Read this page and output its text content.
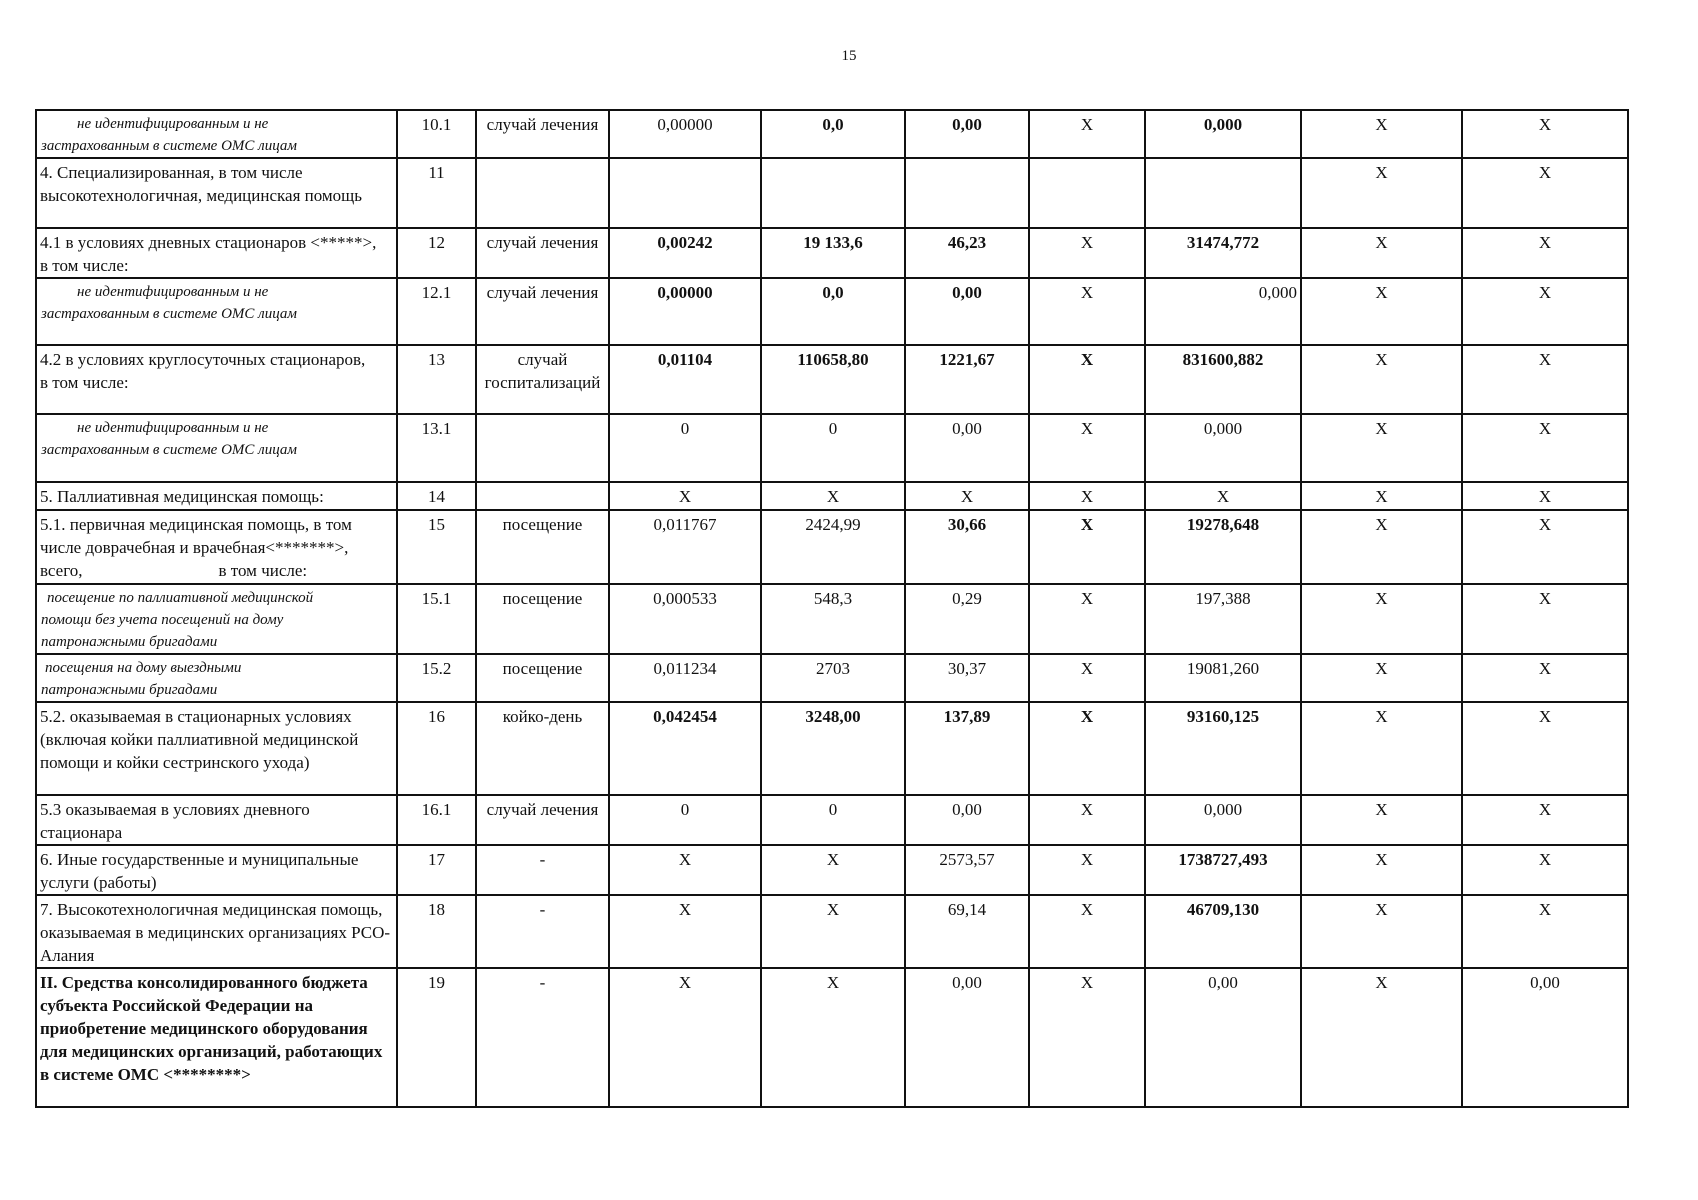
15
не идентифицированным и не
застрахованным в системе ОМС лицам	10.1	случай лечения	0,00000	0,0	0,00	Х	0,000	Х	Х

4. Специализированная, в том числе
высокотехнологичная, медицинская помощь	11							Х	Х

4.1 в условиях дневных стационаров <*****>,
в том числе:	12	случай лечения	0,00242	19 133,6	46,23	Х	31474,772	Х	Х

не идентифицированным и не
застрахованным в системе ОМС лицам	12.1	случай лечения	0,00000	0,0	0,00	Х	0,000	Х	Х

4.2 в условиях круглосуточных стационаров,
в том числе:	13	случай госпитализаций	0,01104	110658,80	1221,67	Х	831600,882	Х	Х

не идентифицированным и не
застрахованным в системе ОМС лицам	13.1		0	0	0,00	Х	0,000	Х	Х

5. Паллиативная медицинская помощь:	14		Х	Х	Х	Х	Х	Х	Х

5.1. первичная медицинская помощь, в том
числе доврачебная и врачебная<*******>,
всего,                                в том числе:	15	посещение	0,011767	2424,99	30,66	Х	19278,648	Х	Х

посещение по паллиативной медицинской
помощи без учета посещений на дому
патронажными бригадами	15.1	посещение	0,000533	548,3	0,29	Х	197,388	Х	Х

посещения на дому выездными
патронажными бригадами	15.2	посещение	0,011234	2703	30,37	Х	19081,260	Х	Х

5.2. оказываемая в стационарных условиях
(включая койки паллиативной медицинской
помощи и койки сестринского ухода)	16	койко-день	0,042454	3248,00	137,89	Х	93160,125	Х	Х

5.3 оказываемая в условиях дневного
стационара	16.1	случай лечения	0	0	0,00	Х	0,000	Х	Х

6. Иные государственные и муниципальные
услуги (работы)	17	-	Х	Х	2573,57	Х	1738727,493	Х	Х

7. Высокотехнологичная медицинская помощь,
оказываемая в медицинских организациях РСО-
Алания	18	-	Х	Х	69,14	Х	46709,130	Х	Х

II. Средства консолидированного бюджета
субъекта Российской Федерации на
приобретение медицинского оборудования
для медицинских организаций, работающих
в системе ОМС <********>	19	-	Х	Х	0,00	Х	0,00	Х	0,00
